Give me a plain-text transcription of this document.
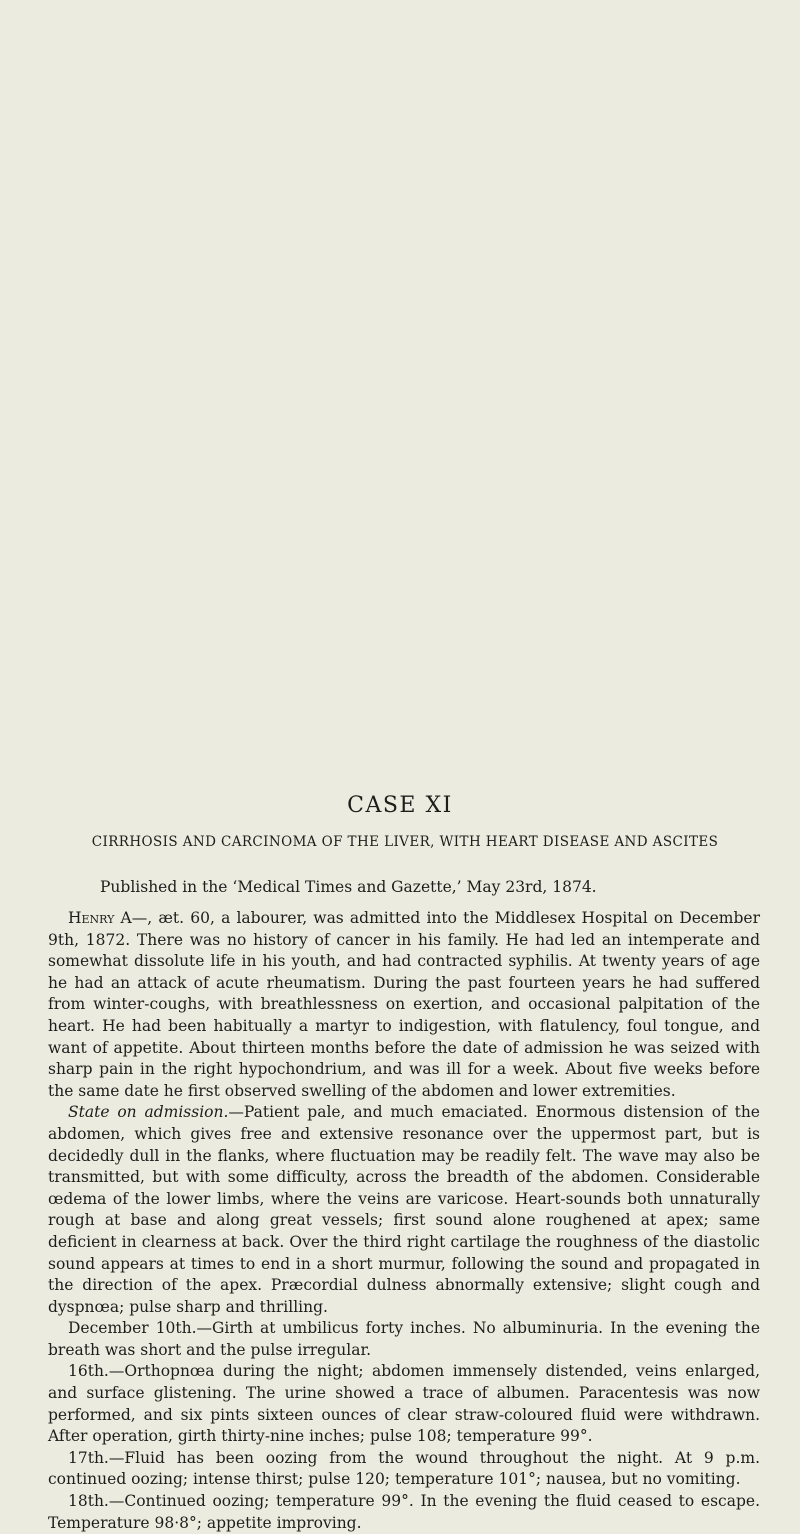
CASE XI

CIRRHOSIS AND CARCINOMA OF THE LIVER, WITH HEART DISEASE AND ASCITES

Published in the ‘Medical Times and Gazette,’ May 23rd, 1874.

Henry A—, æt. 60, a labourer, was admitted into the Middlesex Hospital on December 9th, 1872. There was no history of cancer in his family. He had led an intemperate and somewhat dissolute life in his youth, and had contracted syphilis. At twenty years of age he had an attack of acute rheumatism. During the past fourteen years he had suffered from winter-coughs, with breathlessness on exertion, and occasional palpitation of the heart. He had been habitually a martyr to indigestion, with flatulency, foul tongue, and want of appetite. About thirteen months before the date of admission he was seized with sharp pain in the right hypochondrium, and was ill for a week. About five weeks before the same date he first observed swelling of the abdomen and lower extremities.

State on admission.—Patient pale, and much emaciated. Enormous distension of the abdomen, which gives free and extensive resonance over the uppermost part, but is decidedly dull in the flanks, where fluctuation may be readily felt. The wave may also be transmitted, but with some difficulty, across the breadth of the abdomen. Considerable œdema of the lower limbs, where the veins are varicose. Heart-sounds both unnaturally rough at base and along great vessels; first sound alone roughened at apex; same deficient in clearness at back. Over the third right cartilage the roughness of the diastolic sound appears at times to end in a short murmur, following the sound and propagated in the direction of the apex. Præcordial dulness abnormally extensive; slight cough and dyspnœa; pulse sharp and thrilling.

December 10th.—Girth at umbilicus forty inches. No albuminuria. In the evening the breath was short and the pulse irregular.

16th.—Orthopnœa during the night; abdomen immensely distended, veins enlarged, and surface glistening. The urine showed a trace of albumen. Paracentesis was now performed, and six pints sixteen ounces of clear straw-coloured fluid were withdrawn. After operation, girth thirty-nine inches; pulse 108; temperature 99°.

17th.—Fluid has been oozing from the wound throughout the night. At 9 p.m. continued oozing; intense thirst; pulse 120; temperature 101°; nausea, but no vomiting.

18th.—Continued oozing; temperature 99°. In the evening the fluid ceased to escape. Temperature 98·8°; appetite improving.
